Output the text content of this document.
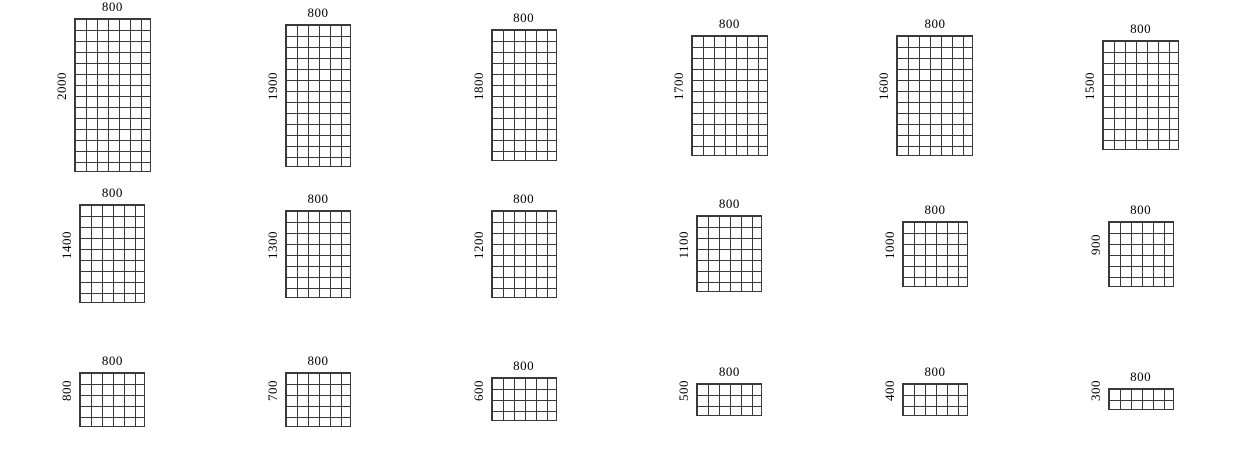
2000
800
1900
800
1800
800
1700
800
1600
800
1500
800
1400
800
1300
800
1200
800
1100
800
1000
800
900
800
800
800
700
800
600
800
500
800
400
800
300
800
